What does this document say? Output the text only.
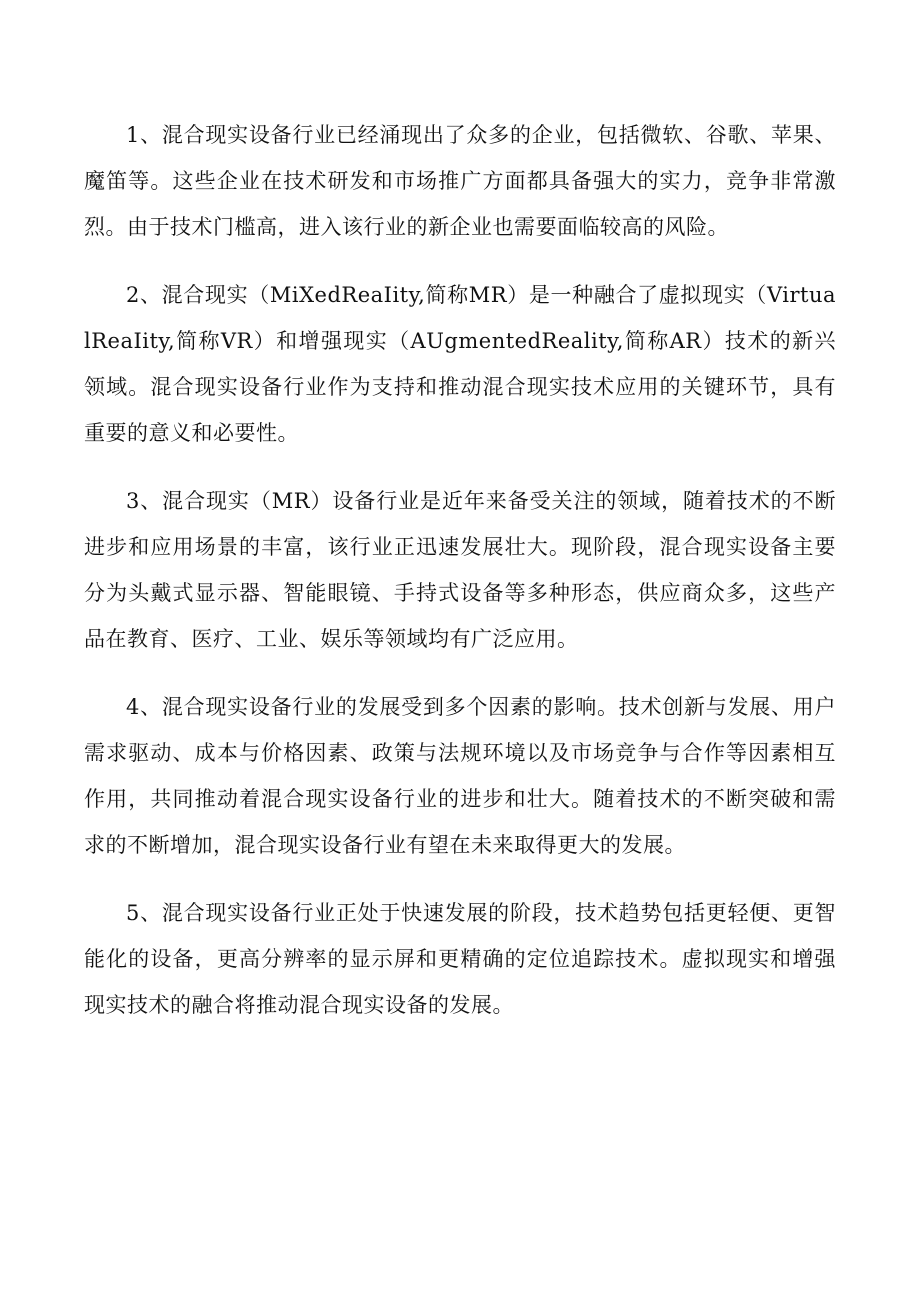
1、混合现实设备行业已经涌现出了众多的企业，包括微软、谷歌、苹果、魔笛等。这些企业在技术研发和市场推广方面都具备强大的实力，竞争非常激烈。由于技术门槛高，进入该行业的新企业也需要面临较高的风险。

2、混合现实（MiXedReaIity,简称MR）是一种融合了虚拟现实（VirtualReaIity,简称VR）和增强现实（AUgmentedReality,简称AR）技术的新兴领域。混合现实设备行业作为支持和推动混合现实技术应用的关键环节，具有重要的意义和必要性。

3、混合现实（MR）设备行业是近年来备受关注的领域，随着技术的不断进步和应用场景的丰富，该行业正迅速发展壮大。现阶段，混合现实设备主要分为头戴式显示器、智能眼镜、手持式设备等多种形态，供应商众多，这些产品在教育、医疗、工业、娱乐等领域均有广泛应用。

4、混合现实设备行业的发展受到多个因素的影响。技术创新与发展、用户需求驱动、成本与价格因素、政策与法规环境以及市场竞争与合作等因素相互作用，共同推动着混合现实设备行业的进步和壮大。随着技术的不断突破和需求的不断增加，混合现实设备行业有望在未来取得更大的发展。

5、混合现实设备行业正处于快速发展的阶段，技术趋势包括更轻便、更智能化的设备，更高分辨率的显示屏和更精确的定位追踪技术。虚拟现实和增强现实技术的融合将推动混合现实设备的发展。
